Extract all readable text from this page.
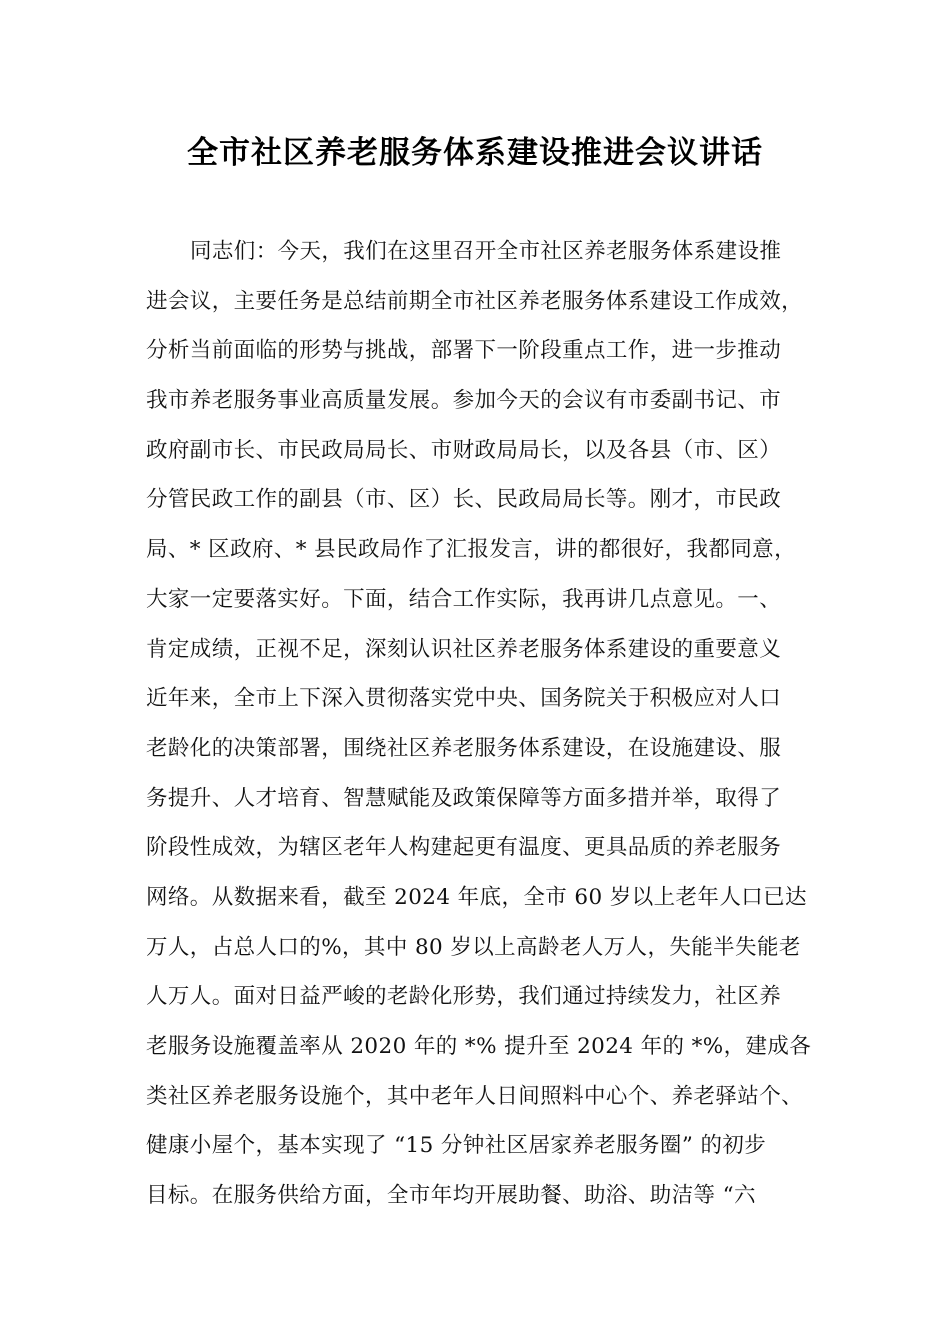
全市社区养老服务体系建设推进会议讲话
同志们：今天，我们在这里召开全市社区养老服务体系建设推
进会议，主要任务是总结前期全市社区养老服务体系建设工作成效，
分析当前面临的形势与挑战，部署下一阶段重点工作，进一步推动
我市养老服务事业高质量发展。参加今天的会议有市委副书记、市
政府副市长、市民政局局长、市财政局局长，以及各县（市、区）
分管民政工作的副县（市、区）长、民政局局长等。刚才，市民政
局、* 区政府、* 县民政局作了汇报发言，讲的都很好，我都同意，
大家一定要落实好。下面，结合工作实际，我再讲几点意见。一、
肯定成绩，正视不足，深刻认识社区养老服务体系建设的重要意义
近年来，全市上下深入贯彻落实党中央、国务院关于积极应对人口
老龄化的决策部署，围绕社区养老服务体系建设，在设施建设、服
务提升、人才培育、智慧赋能及政策保障等方面多措并举，取得了
阶段性成效，为辖区老年人构建起更有温度、更具品质的养老服务
网络。从数据来看，截至 2024 年底，全市 60 岁以上老年人口已达
万人，占总人口的%，其中 80 岁以上高龄老人万人，失能半失能老
人万人。面对日益严峻的老龄化形势，我们通过持续发力，社区养
老服务设施覆盖率从 2020 年的 *% 提升至 2024 年的 *%，建成各
类社区养老服务设施个，其中老年人日间照料中心个、养老驿站个、
健康小屋个，基本实现了 “15 分钟社区居家养老服务圈” 的初步
目标。在服务供给方面，全市年均开展助餐、助浴、助洁等 “六
